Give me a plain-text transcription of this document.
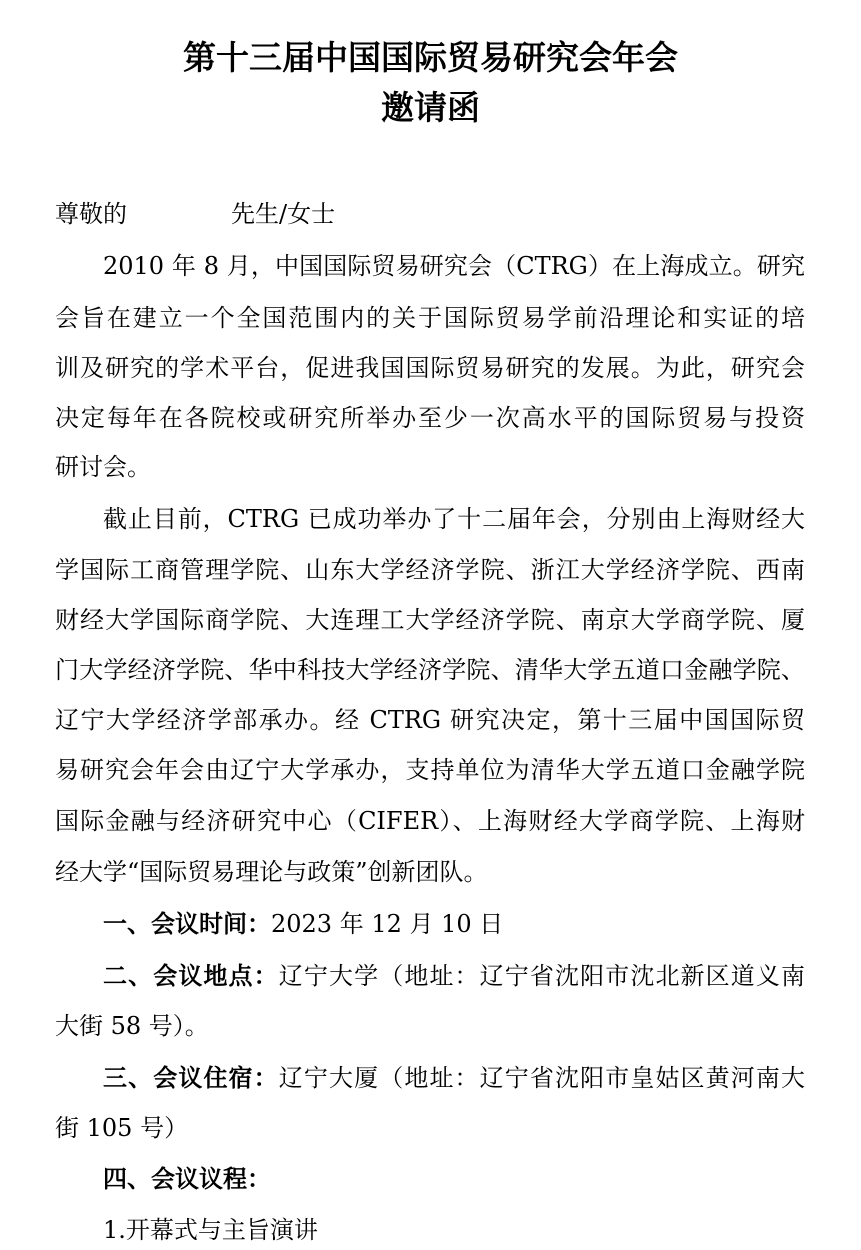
第十三届中国国际贸易研究会年会
邀请函
尊敬的	先生/女士
2010 年 8 月，中国国际贸易研究会（CTRG）在上海成立。研究
会旨在建立一个全国范围内的关于国际贸易学前沿理论和实证的培
训及研究的学术平台，促进我国国际贸易研究的发展。为此，研究会
决定每年在各院校或研究所举办至少一次高水平的国际贸易与投资
研讨会。
截止目前，CTRG 已成功举办了十二届年会，分别由上海财经大
学国际工商管理学院、山东大学经济学院、浙江大学经济学院、西南
财经大学国际商学院、大连理工大学经济学院、南京大学商学院、厦
门大学经济学院、华中科技大学经济学院、清华大学五道口金融学院、
辽宁大学经济学部承办。经 CTRG 研究决定，第十三届中国国际贸
易研究会年会由辽宁大学承办，支持单位为清华大学五道口金融学院
国际金融与经济研究中心（CIFER）、上海财经大学商学院、上海财
经大学“国际贸易理论与政策”创新团队。
一、会议时间：2023 年 12 月 10 日
二、会议地点：辽宁大学（地址：辽宁省沈阳市沈北新区道义南
大街 58 号）。
三、会议住宿：辽宁大厦（地址：辽宁省沈阳市皇姑区黄河南大
街 105 号）
四、会议议程：
1.开幕式与主旨演讲
